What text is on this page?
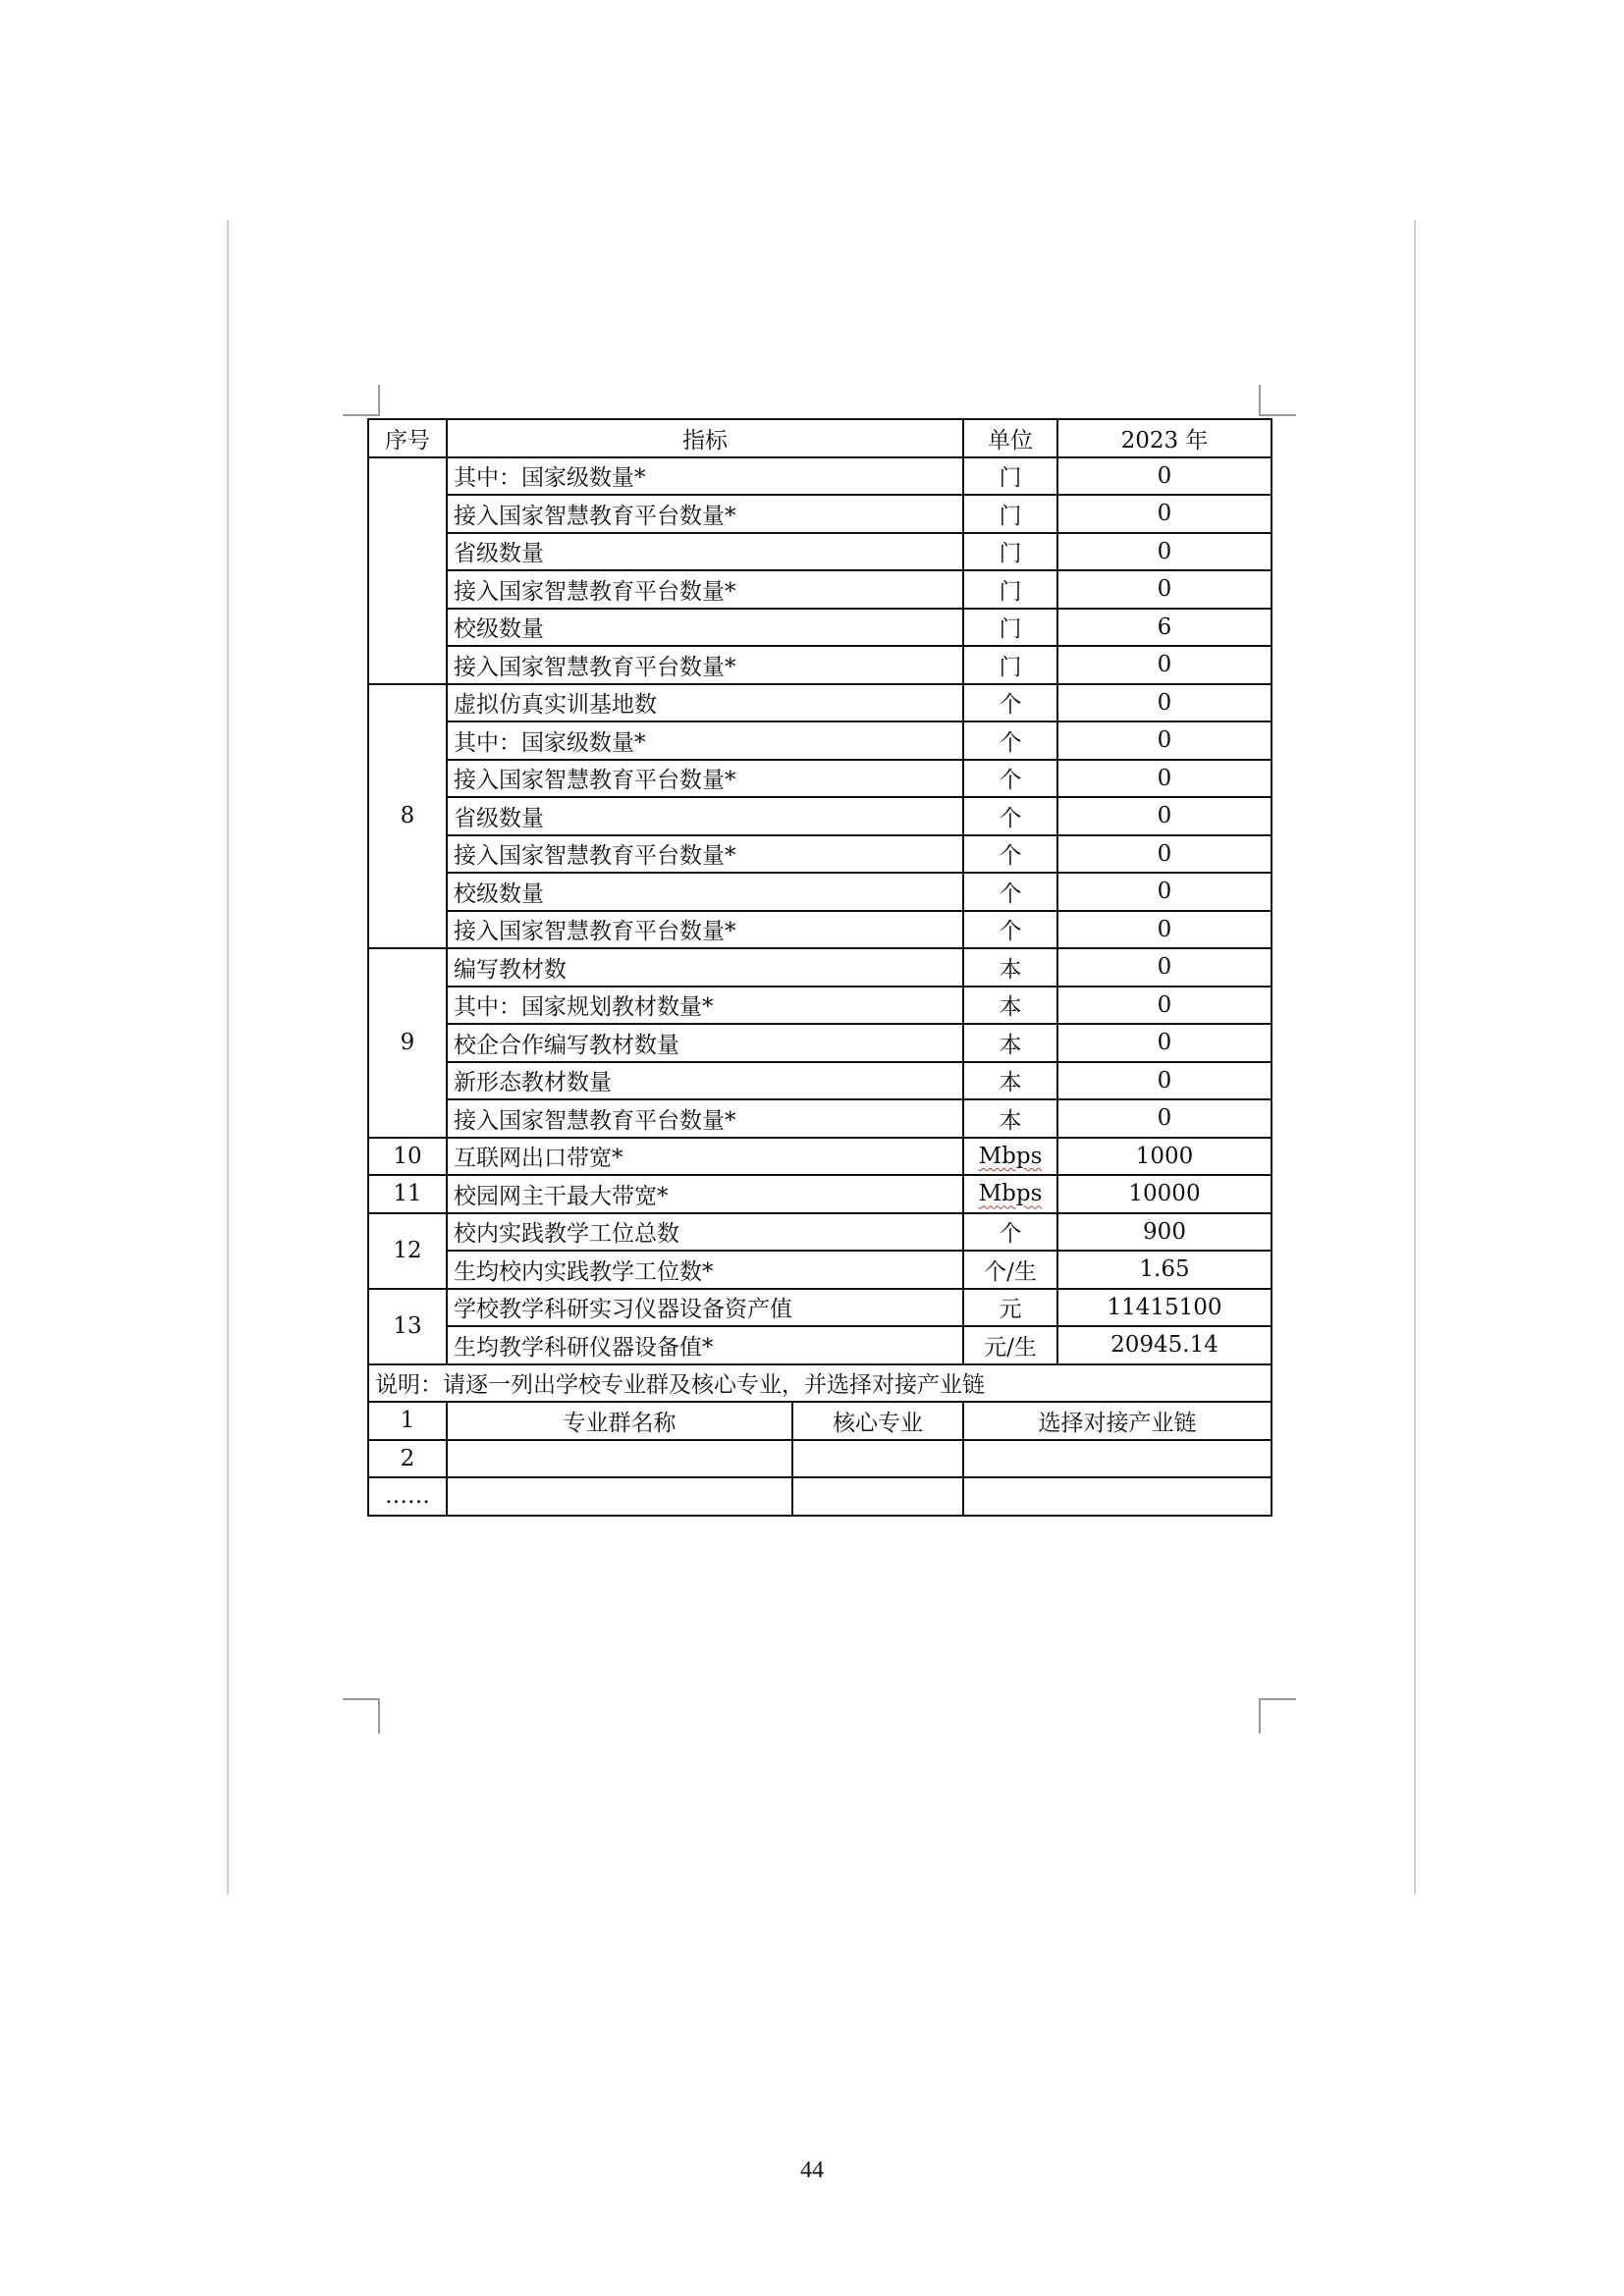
序号	指标		单位	2023 年
	其中：国家级数量*		门	0
	接入国家智慧教育平台数量*		门	0
	省级数量		门	0
	接入国家智慧教育平台数量*		门	0
	校级数量		门	6
	接入国家智慧教育平台数量*		门	0
8	虚拟仿真实训基地数		个	0
	其中：国家级数量*		个	0
	接入国家智慧教育平台数量*		个	0
	省级数量		个	0
	接入国家智慧教育平台数量*		个	0
	校级数量		个	0
	接入国家智慧教育平台数量*		个	0
9	编写教材数		本	0
	其中：国家规划教材数量*		本	0
	校企合作编写教材数量		本	0
	新形态教材数量		本	0
	接入国家智慧教育平台数量*		本	0
10	互联网出口带宽*		Mbps	1000
11	校园网主干最大带宽*		Mbps	10000
12	校内实践教学工位总数		个	900
	生均校内实践教学工位数*		个/生	1.65
13	学校教学科研实习仪器设备资产值		元	11415100
	生均教学科研仪器设备值*		元/生	20945.14
说明：请逐一列出学校专业群及核心专业，并选择对接产业链				
1	专业群名称	核心专业	选择对接产业链	
2				
……				
44
